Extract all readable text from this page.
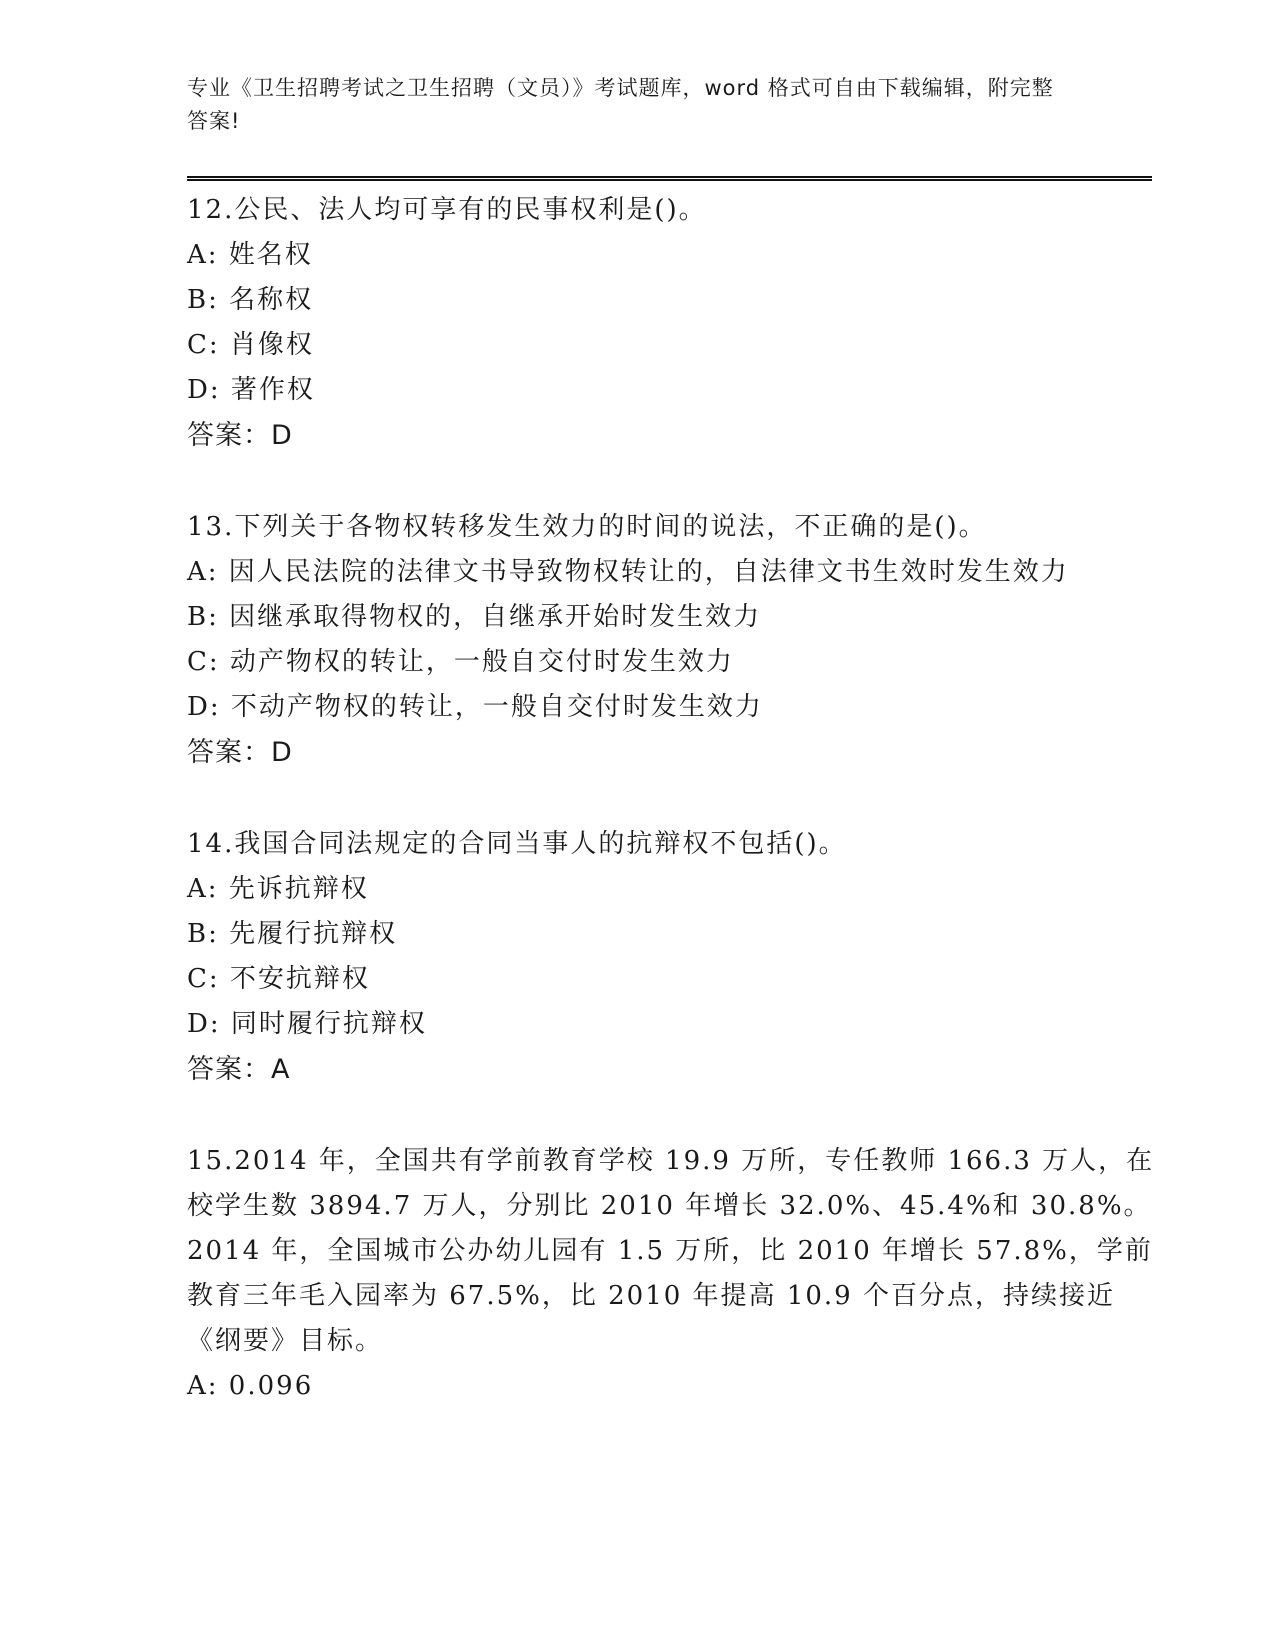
专业《卫生招聘考试之卫生招聘（文员）》考试题库，word 格式可自由下载编辑，附完整答案!
12.公民、法人均可享有的民事权利是()。
A: 姓名权
B: 名称权
C: 肖像权
D: 著作权
答案：D
13.下列关于各物权转移发生效力的时间的说法，不正确的是()。
A: 因人民法院的法律文书导致物权转让的，自法律文书生效时发生效力
B: 因继承取得物权的，自继承开始时发生效力
C: 动产物权的转让，一般自交付时发生效力
D: 不动产物权的转让，一般自交付时发生效力
答案：D
14.我国合同法规定的合同当事人的抗辩权不包括()。
A: 先诉抗辩权
B: 先履行抗辩权
C: 不安抗辩权
D: 同时履行抗辩权
答案：A
15.2014 年，全国共有学前教育学校 19.9 万所，专任教师 166.3 万人，在校学生数 3894.7 万人，分别比 2010 年增长 32.0%、45.4%和 30.8%。2014 年，全国城市公办幼儿园有 1.5 万所，比 2010 年增长 57.8%，学前教育三年毛入园率为 67.5%，比 2010 年提高 10.9 个百分点，持续接近《纲要》目标。
A: 0.096
